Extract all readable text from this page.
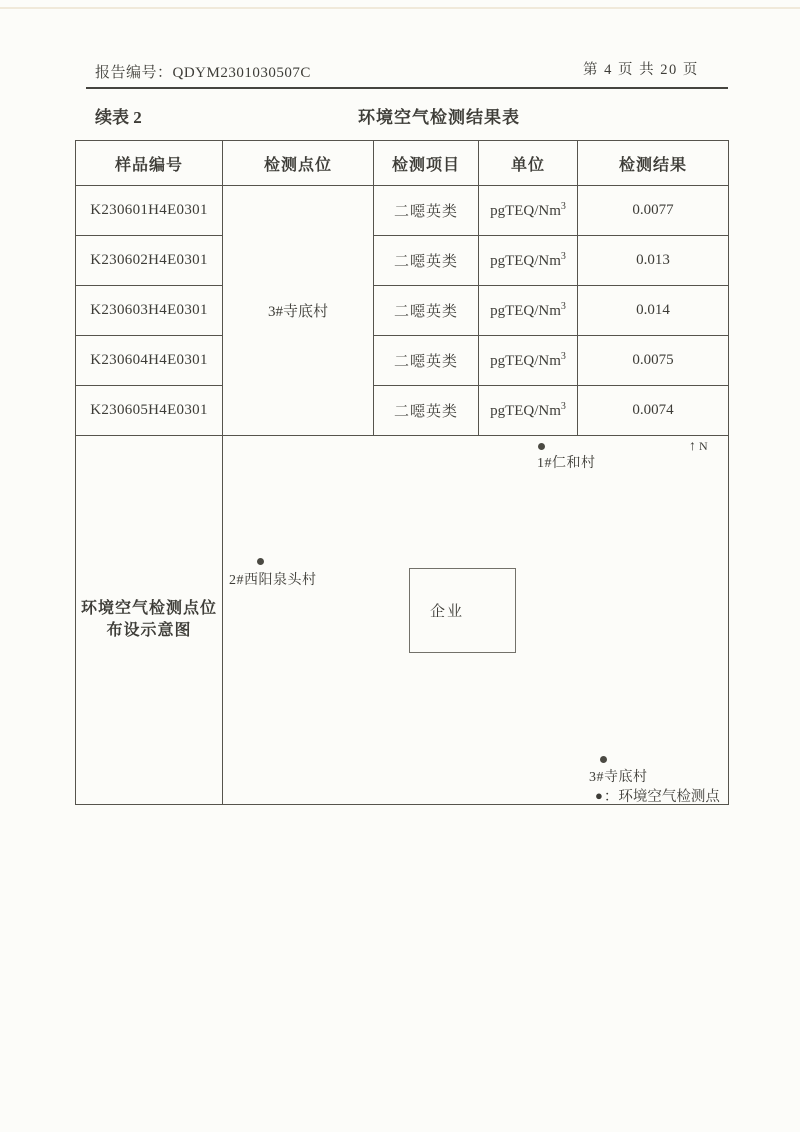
报告编号：QDYM2301030507C	第 4 页 共 20 页
续表 2	环境空气检测结果表
样品编号	检测点位	检测项目	单位	检测结果
K230601H4E0301	3#寺底村	二噁英类	pgTEQ/Nm$^3$	0.0077
K230602H4E0301		二噁英类	pgTEQ/Nm$^3$	0.013
K230603H4E0301		二噁英类	pgTEQ/Nm$^3$	0.014
K230604H4E0301		二噁英类	pgTEQ/Nm$^3$	0.0075
K230605H4E0301		二噁英类	pgTEQ/Nm$^3$	0.0074

环境空气检测点位
布设示意图

↑ N
1#仁和村
2#西阳泉头村
企业
3#寺底村
● ：环境空气检测点
